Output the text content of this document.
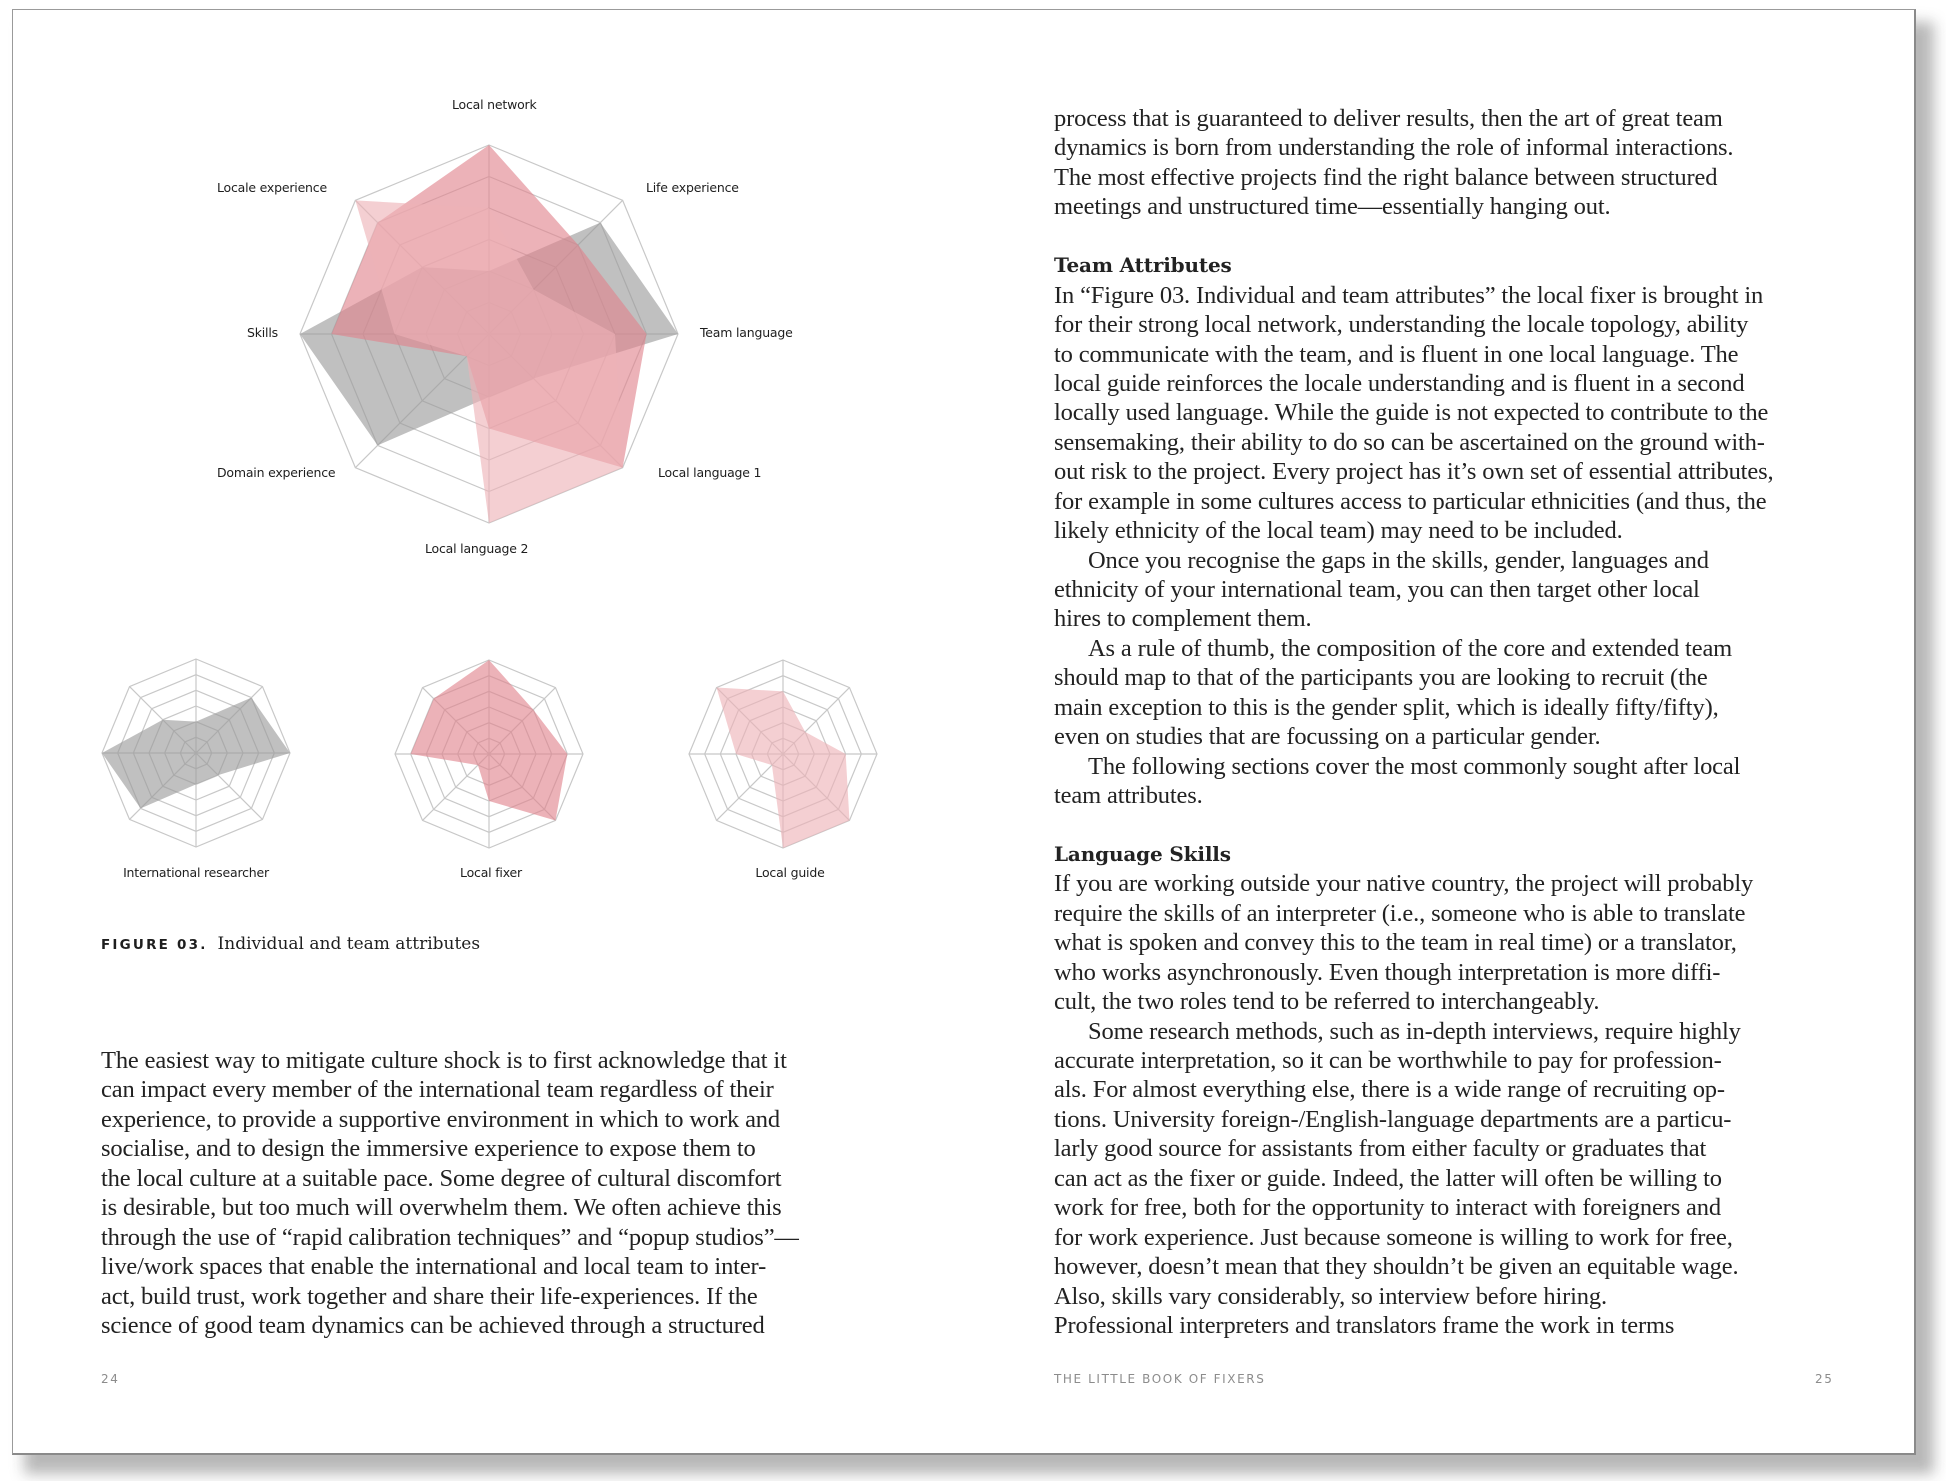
Local network
Life experience
Team language
Local language 1
Local language 2
Domain experience
Skills
Locale experience
International researcher	Local fixer	Local guide
FIGURE 03. Individual and team attributes
The easiest way to mitigate culture shock is to first acknowledge that it
can impact every member of the international team regardless of their
experience, to provide a supportive environment in which to work and
socialise, and to design the immersive experience to expose them to
the local culture at a suitable pace. Some degree of cultural discomfort
is desirable, but too much will overwhelm them. We often achieve this
through the use of “rapid calibration techniques” and “popup studios”—
live/work spaces that enable the international and local team to inter-
act, build trust, work together and share their life-experiences. If the
science of good team dynamics can be achieved through a structured
process that is guaranteed to deliver results, then the art of great team
dynamics is born from understanding the role of informal interactions.
The most effective projects find the right balance between structured
meetings and unstructured time—essentially hanging out.
Team Attributes
In “Figure 03. Individual and team attributes” the local fixer is brought in
for their strong local network, understanding the locale topology, ability
to communicate with the team, and is fluent in one local language. The
local guide reinforces the locale understanding and is fluent in a second
locally used language. While the guide is not expected to contribute to the
sensemaking, their ability to do so can be ascertained on the ground with-
out risk to the project. Every project has it’s own set of essential attributes,
for example in some cultures access to particular ethnicities (and thus, the
likely ethnicity of the local team) may need to be included.
Once you recognise the gaps in the skills, gender, languages and
ethnicity of your international team, you can then target other local
hires to complement them.
As a rule of thumb, the composition of the core and extended team
should map to that of the participants you are looking to recruit (the
main exception to this is the gender split, which is ideally fifty/fifty),
even on studies that are focussing on a particular gender.
The following sections cover the most commonly sought after local
team attributes.
Language Skills
If you are working outside your native country, the project will probably
require the skills of an interpreter (i.e., someone who is able to translate
what is spoken and convey this to the team in real time) or a translator,
who works asynchronously. Even though interpretation is more diffi-
cult, the two roles tend to be referred to interchangeably.
Some research methods, such as in-depth interviews, require highly
accurate interpretation, so it can be worthwhile to pay for profession-
als. For almost everything else, there is a wide range of recruiting op-
tions. University foreign-/English-language departments are a particu-
larly good source for assistants from either faculty or graduates that
can act as the fixer or guide. Indeed, the latter will often be willing to
work for free, both for the opportunity to interact with foreigners and
for work experience. Just because someone is willing to work for free,
however, doesn’t mean that they shouldn’t be given an equitable wage.
Also, skills vary considerably, so interview before hiring.
Professional interpreters and translators frame the work in terms
24	THE LITTLE BOOK OF FIXERS	25
